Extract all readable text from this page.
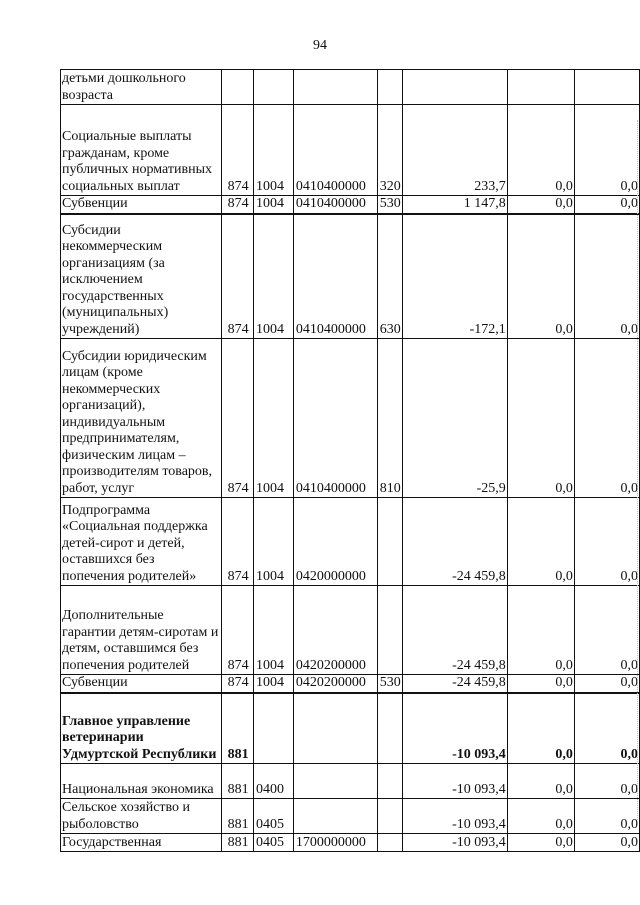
94
детьми дошкольного возраста							
Социальные выплаты гражданам, кроме публичных нормативных социальных выплат	874	1004	0410400000	320	233,7	0,0	0,0
Субвенции	874	1004	0410400000	530	1 147,8	0,0	0,0
Субсидии некоммерческим организациям (за исключением государственных (муниципальных) учреждений)	874	1004	0410400000	630	-172,1	0,0	0,0
Субсидии юридическим лицам (кроме некоммерческих организаций), индивидуальным предпринимателям, физическим лицам – производителям товаров, работ, услуг	874	1004	0410400000	810	-25,9	0,0	0,0
Подпрограмма «Социальная поддержка детей-сирот и детей, оставшихся без попечения родителей»	874	1004	0420000000		-24 459,8	0,0	0,0
Дополнительные гарантии детям-сиротам и детям, оставшимся без попечения родителей	874	1004	0420200000		-24 459,8	0,0	0,0
Субвенции	874	1004	0420200000	530	-24 459,8	0,0	0,0
Главное управление ветеринарии Удмуртской Республики	881				-10 093,4	0,0	0,0
Национальная экономика	881	0400			-10 093,4	0,0	0,0
Сельское хозяйство и рыболовство	881	0405			-10 093,4	0,0	0,0
Государственная	881	0405	1700000000		-10 093,4	0,0	0,0
